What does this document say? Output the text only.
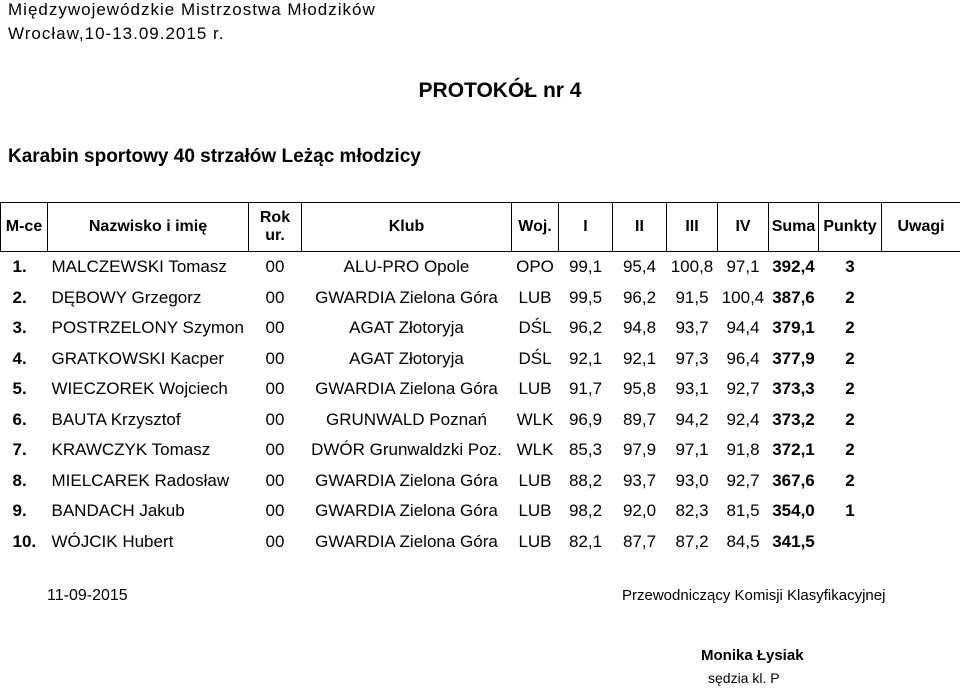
Międzywojewódzkie Mistrzostwa Młodzików
Wrocław,10-13.09.2015 r.
PROTOKÓŁ nr 4
Karabin sportowy 40 strzałów Leżąc młodzicy
M-ce	Nazwisko i imię	Rok ur.	Klub	Woj.	I	II	III	IV	Suma	Punkty	Uwagi
1.	MALCZEWSKI Tomasz	00	ALU-PRO Opole	OPO	99,1	95,4	100,8	97,1	392,4	3	
2.	DĘBOWY Grzegorz	00	GWARDIA Zielona Góra	LUB	99,5	96,2	91,5	100,4	387,6	2	
3.	POSTRZELONY Szymon	00	AGAT Złotoryja	DŚL	96,2	94,8	93,7	94,4	379,1	2	
4.	GRATKOWSKI Kacper	00	AGAT Złotoryja	DŚL	92,1	92,1	97,3	96,4	377,9	2	
5.	WIECZOREK Wojciech	00	GWARDIA Zielona Góra	LUB	91,7	95,8	93,1	92,7	373,3	2	
6.	BAUTA Krzysztof	00	GRUNWALD Poznań	WLK	96,9	89,7	94,2	92,4	373,2	2	
7.	KRAWCZYK Tomasz	00	DWÓR Grunwaldzki Poz.	WLK	85,3	97,9	97,1	91,8	372,1	2	
8.	MIELCAREK Radosław	00	GWARDIA Zielona Góra	LUB	88,2	93,7	93,0	92,7	367,6	2	
9.	BANDACH Jakub	00	GWARDIA Zielona Góra	LUB	98,2	92,0	82,3	81,5	354,0	1	
10.	WÓJCIK Hubert	00	GWARDIA Zielona Góra	LUB	82,1	87,7	87,2	84,5	341,5		
11-09-2015	Przewodniczący Komisji Klasyfikacyjnej
Monika Łysiak
sędzia kl. P
